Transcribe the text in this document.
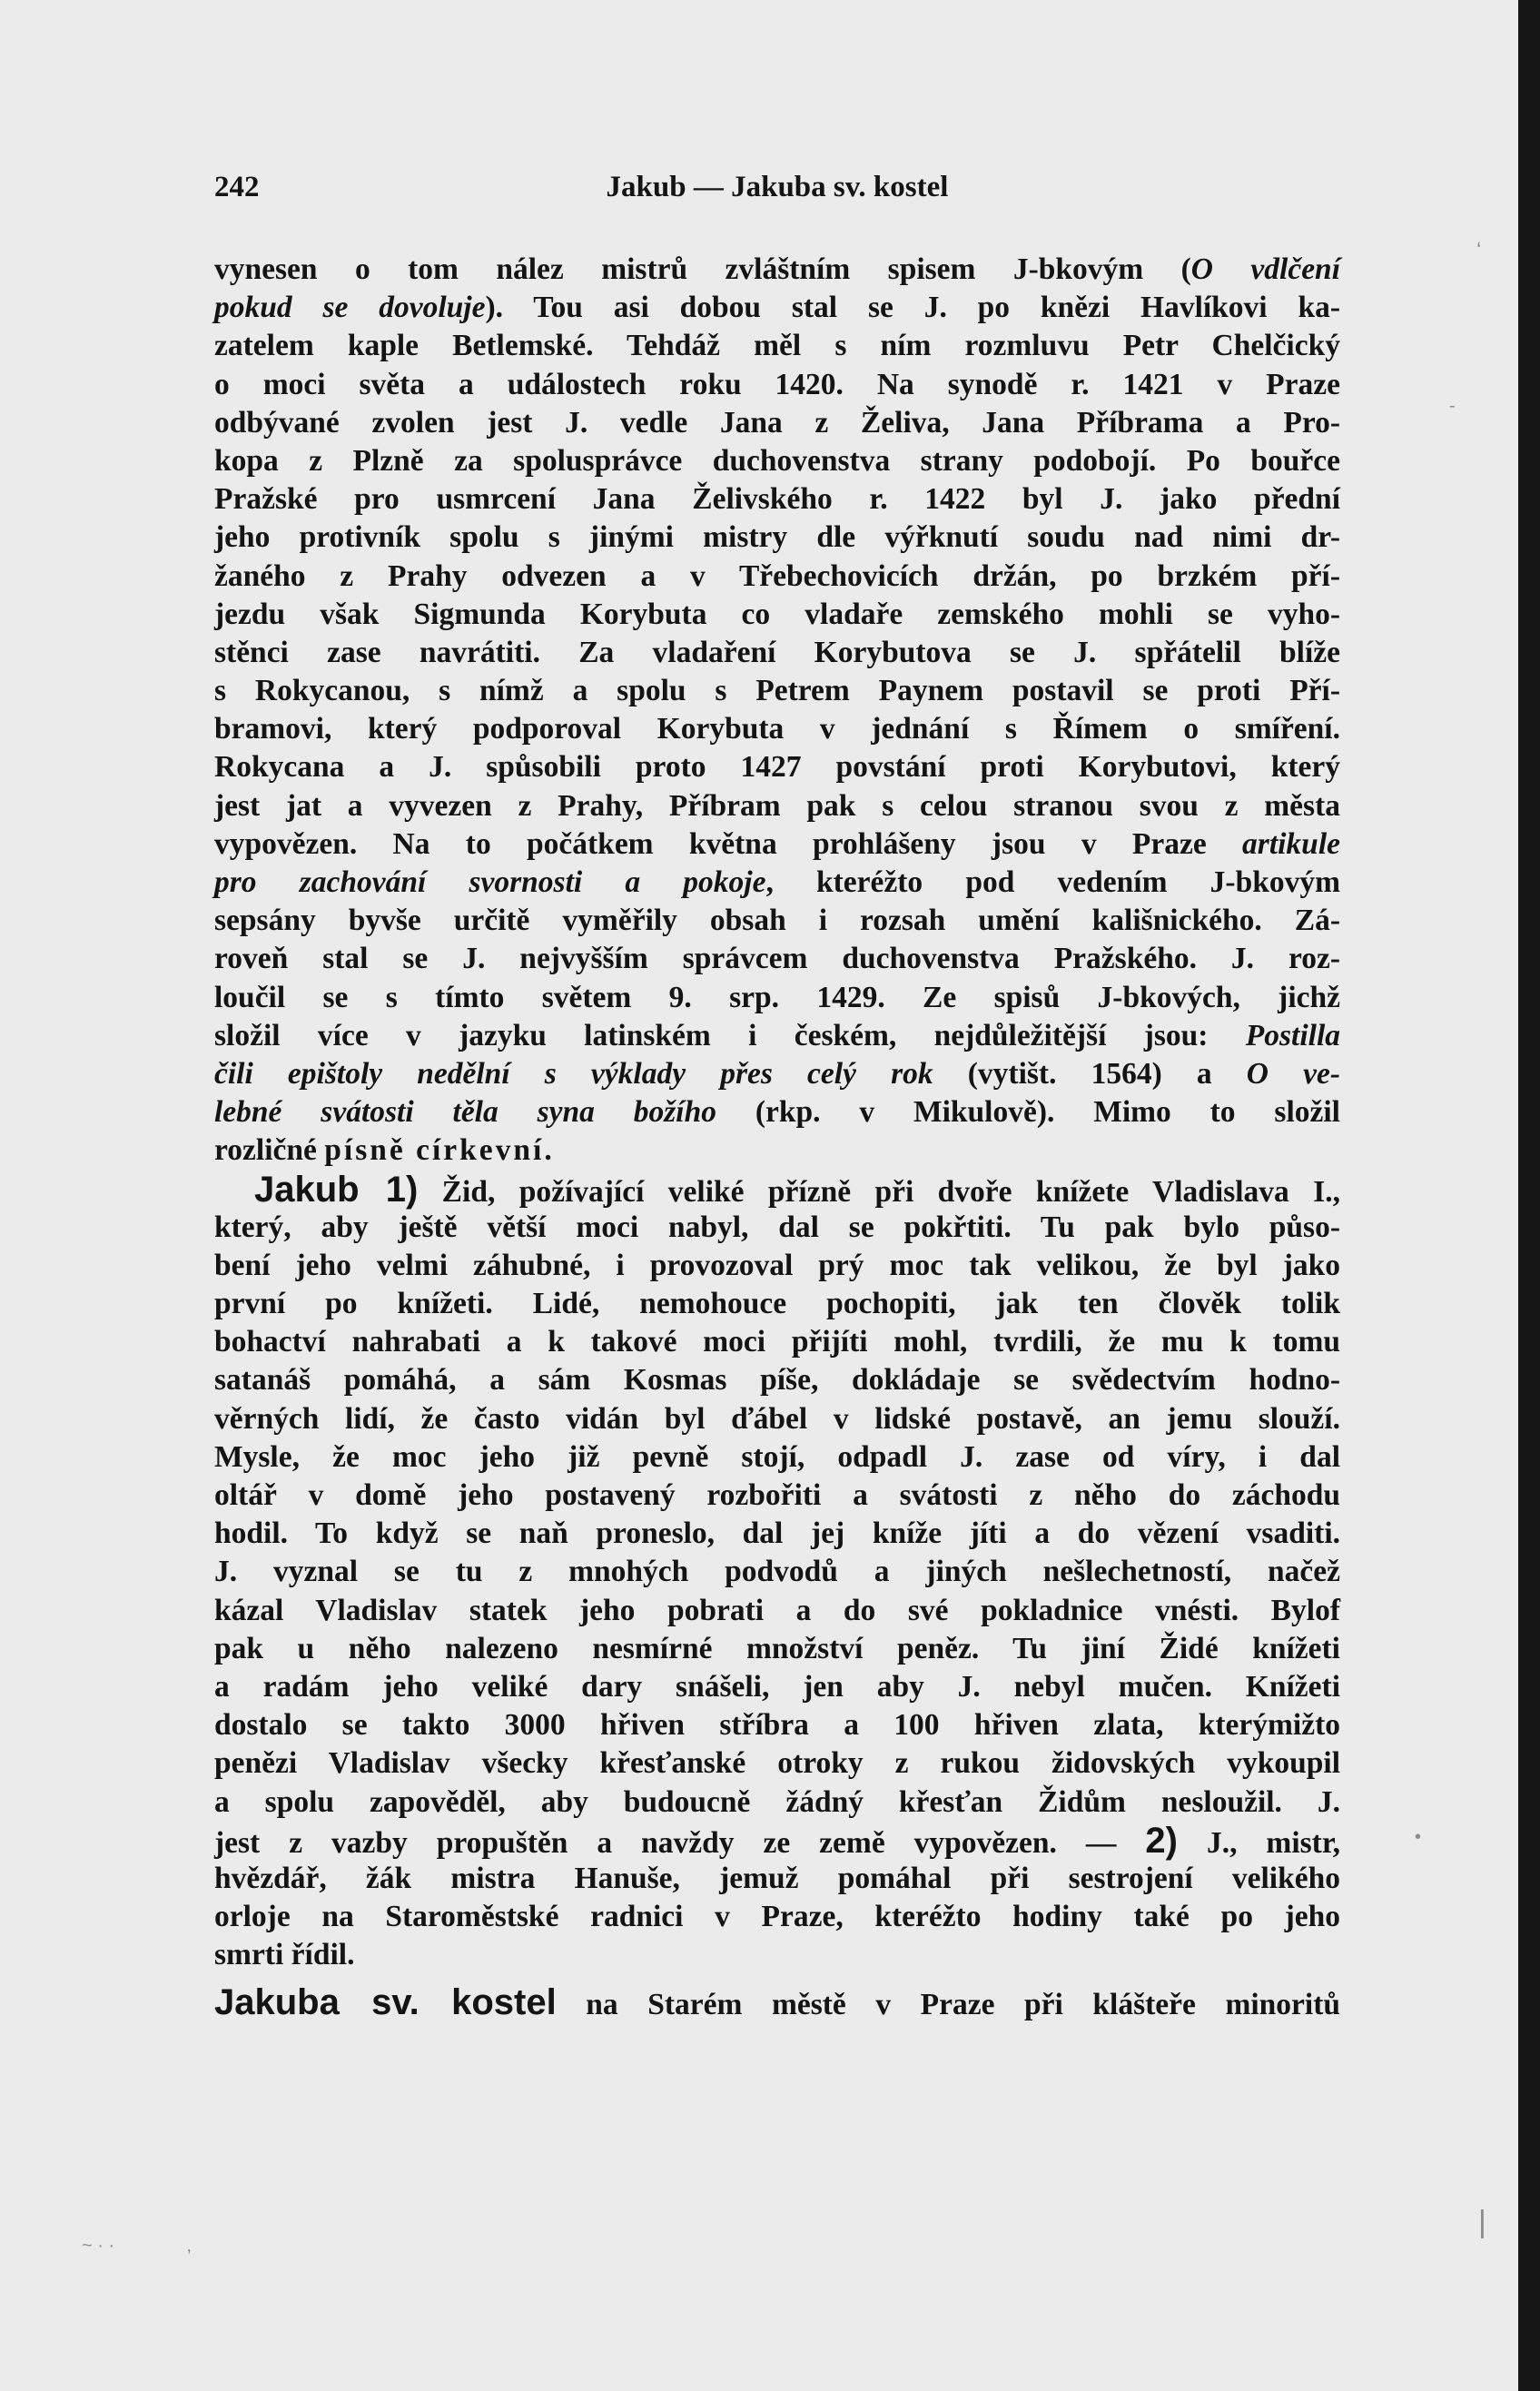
242	Jakub — Jakuba sv. kostel
vynesen o tom nález mistrů zvláštním spisem J-bkovým (O vdlčení
pokud se dovoluje). Tou asi dobou stal se J. po knězi Havlíkovi ka-
zatelem kaple Betlemské. Tehdáž měl s ním rozmluvu Petr Chelčický
o moci světa a událostech roku 1420. Na synodě r. 1421 v Praze
odbývané zvolen jest J. vedle Jana z Želiva, Jana Příbrama a Pro-
kopa z Plzně za spolusprávce duchovenstva strany podobojí. Po bouřce
Pražské pro usmrcení Jana Želivského r. 1422 byl J. jako přední
jeho protivník spolu s jinými mistry dle výřknutí soudu nad nimi dr-
žaného z Prahy odvezen a v Třebechovicích držán, po brzkém pří-
jezdu však Sigmunda Korybuta co vladaře zemského mohli se vyho-
stěnci zase navrátiti. Za vladaření Korybutova se J. spřátelil blíže
s Rokycanou, s nímž a spolu s Petrem Paynem postavil se proti Pří-
bramovi, který podporoval Korybuta v jednání s Římem o smíření.
Rokycana a J. spůsobili proto 1427 povstání proti Korybutovi, který
jest jat a vyvezen z Prahy, Příbram pak s celou stranou svou z města
vypovězen. Na to počátkem května prohlášeny jsou v Praze artikule
pro zachování svornosti a pokoje, kteréžto pod vedením J-bkovým
sepsány byvše určitě vyměřily obsah i rozsah umění kališnického. Zá-
roveň stal se J. nejvyšším správcem duchovenstva Pražského. J. roz-
loučil se s tímto světem 9. srp. 1429. Ze spisů J-bkových, jichž
složil více v jazyku latinském i českém, nejdůležitější jsou: Postilla
čili epištoly nedělní s výklady přes celý rok (vytišt. 1564) a O ve-
lebné svátosti těla syna božího (rkp. v Mikulově). Mimo to složil
rozličné písně církevní.
Jakub 1) Žid, požívající veliké přízně při dvoře knížete Vladislava I.,
který, aby ještě větší moci nabyl, dal se pokřtiti. Tu pak bylo půso-
bení jeho velmi záhubné, i provozoval prý moc tak velikou, že byl jako
první po knížeti. Lidé, nemohouce pochopiti, jak ten člověk tolik
bohactví nahrabati a k takové moci přijíti mohl, tvrdili, že mu k tomu
satanáš pomáhá, a sám Kosmas píše, dokládaje se svědectvím hodno-
věrných lidí, že často vidán byl ďábel v lidské postavě, an jemu slouží.
Mysle, že moc jeho již pevně stojí, odpadl J. zase od víry, i dal
oltář v domě jeho postavený rozbořiti a svátosti z něho do záchodu
hodil. To když se naň proneslo, dal jej kníže jíti a do vězení vsaditi.
J. vyznal se tu z mnohých podvodů a jiných nešlechetností, načež
kázal Vladislav statek jeho pobrati a do své pokladnice vnésti. Bylof
pak u něho nalezeno nesmírné množství peněz. Tu jiní Židé knížeti
a radám jeho veliké dary snášeli, jen aby J. nebyl mučen. Knížeti
dostalo se takto 3000 hřiven stříbra a 100 hřiven zlata, kterýmižto
penězi Vladislav všecky křesťanské otroky z rukou židovských vykoupil
a spolu zapověděl, aby budoucně žádný křesťan Židům nesloužil. J.
jest z vazby propuštěn a navždy ze země vypovězen. — 2) J., mistr,
hvězdář, žák mistra Hanuše, jemuž pomáhal při sestrojení velikého
orloje na Staroměstské radnici v Praze, kteréžto hodiny také po jeho
smrti řídil.
Jakuba sv. kostel na Starém městě v Praze při klášteře minoritů
‘
-
•
|
~ · ·	‚
